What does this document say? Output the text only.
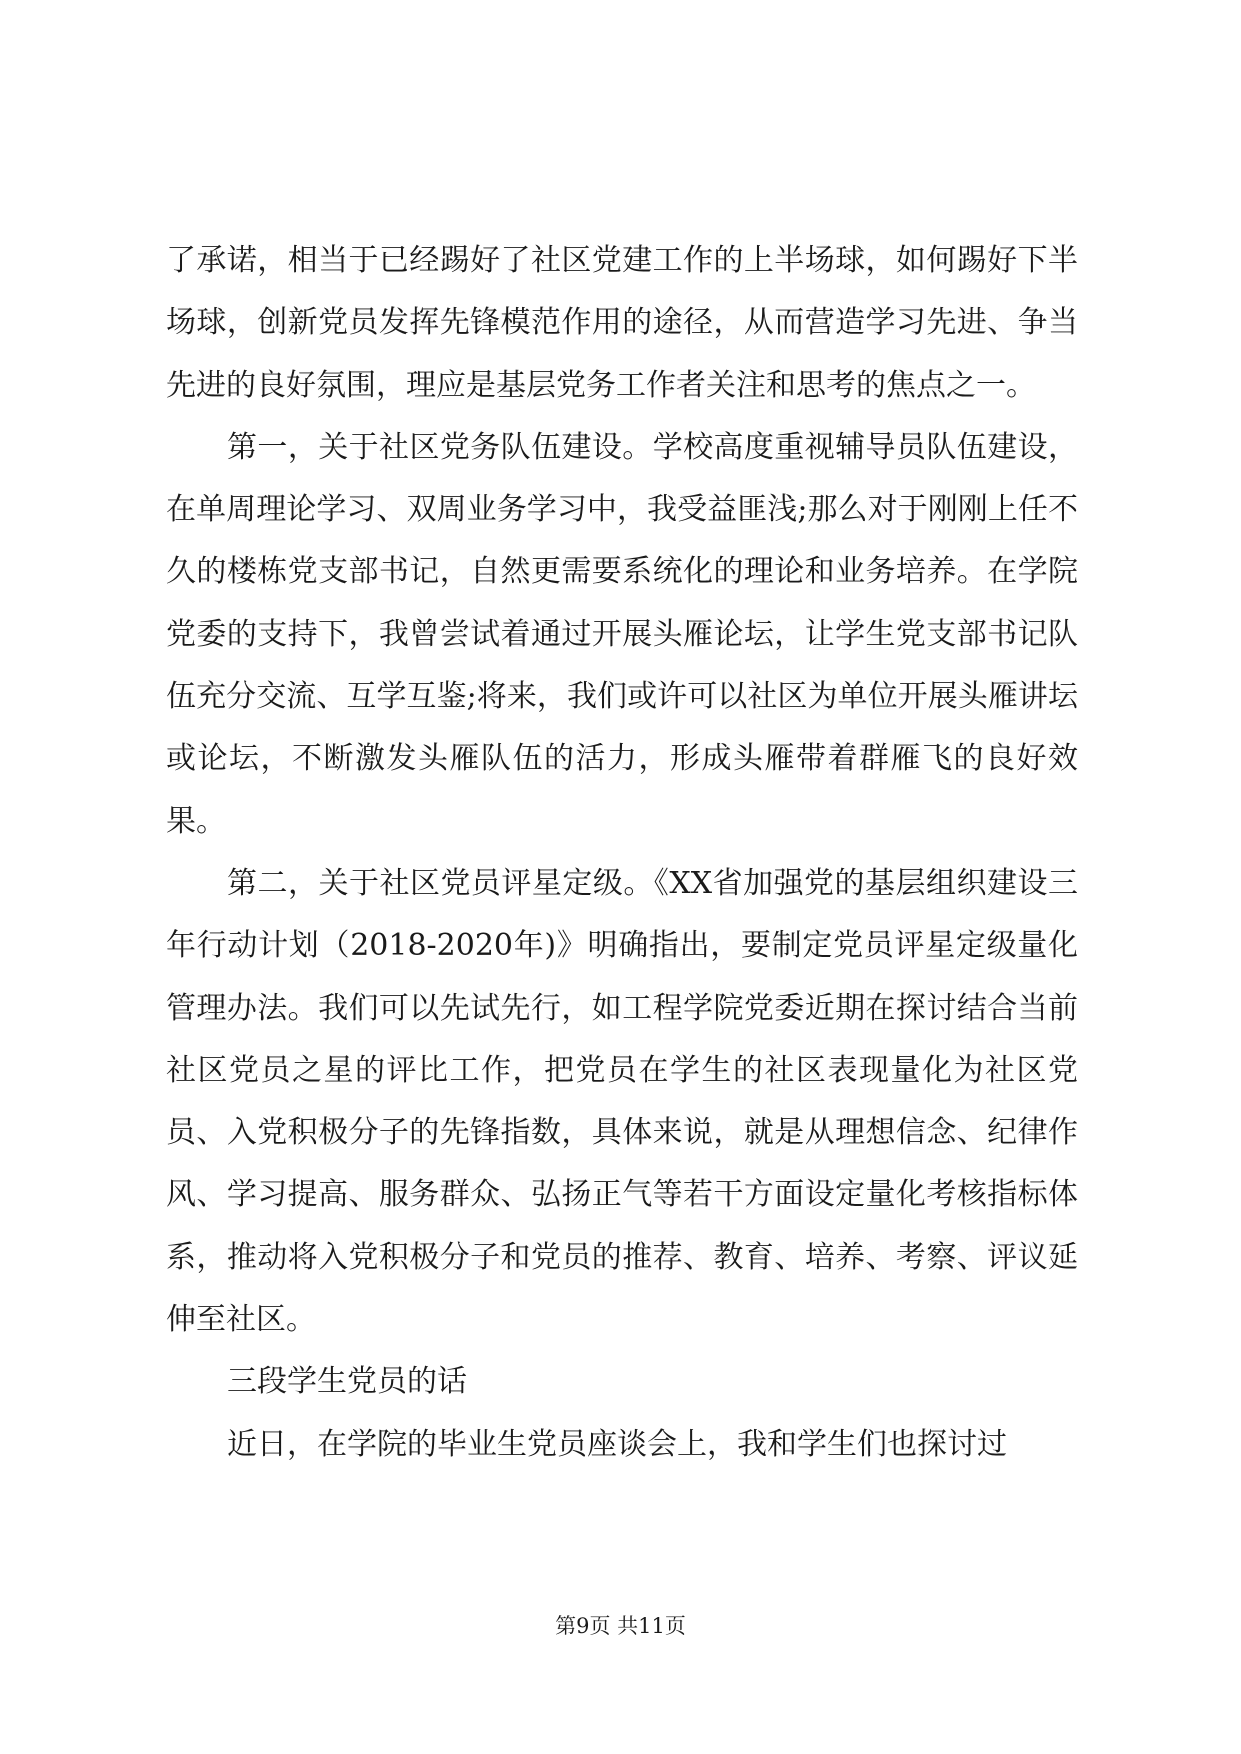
了承诺，相当于已经踢好了社区党建工作的上半场球，如何踢好下半场球，创新党员发挥先锋模范作用的途径，从而营造学习先进、争当先进的良好氛围，理应是基层党务工作者关注和思考的焦点之一。

第一，关于社区党务队伍建设。学校高度重视辅导员队伍建设，在单周理论学习、双周业务学习中，我受益匪浅;那么对于刚刚上任不久的楼栋党支部书记，自然更需要系统化的理论和业务培养。在学院党委的支持下，我曾尝试着通过开展头雁论坛，让学生党支部书记队伍充分交流、互学互鉴;将来，我们或许可以社区为单位开展头雁讲坛或论坛，不断激发头雁队伍的活力，形成头雁带着群雁飞的良好效果。

第二，关于社区党员评星定级。《XX省加强党的基层组织建设三年行动计划（2018-2020年)》明确指出，要制定党员评星定级量化管理办法。我们可以先试先行，如工程学院党委近期在探讨结合当前社区党员之星的评比工作，把党员在学生的社区表现量化为社区党员、入党积极分子的先锋指数，具体来说，就是从理想信念、纪律作风、学习提高、服务群众、弘扬正气等若干方面设定量化考核指标体系，推动将入党积极分子和党员的推荐、教育、培养、考察、评议延伸至社区。

三段学生党员的话

近日，在学院的毕业生党员座谈会上，我和学生们也探讨过

第9页 共11页
